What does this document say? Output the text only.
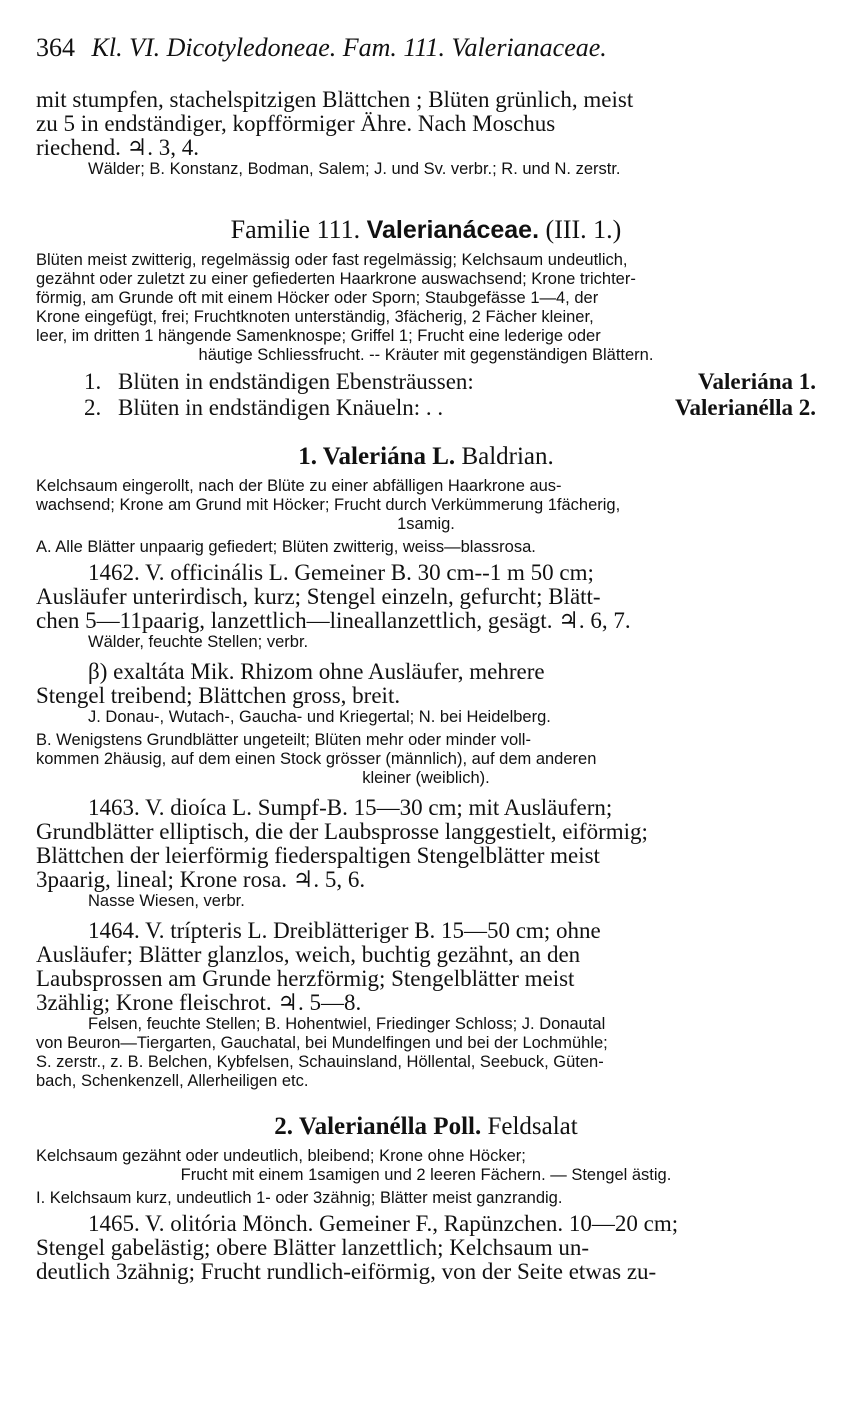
364 Kl. VI. Dicotyledoneae. Fam. 111. Valerianaceae.

mit stumpfen, stachelspitzigen Blättchen ; Blüten grünlich, meist

zu 5 in endständiger, kopfförmiger Ähre. Nach Moschus

riechend. ♃. 3, 4.

Wälder; B. Konstanz, Bodman, Salem; J. und Sv. verbr.; R. und N. zerstr.

Familie 111. Valerianáceae. (III. 1.)

Blüten meist zwitterig, regelmässig oder fast regelmässig; Kelchsaum undeutlich,

gezähnt oder zuletzt zu einer gefiederten Haarkrone auswachsend; Krone trichter-

förmig, am Grunde oft mit einem Höcker oder Sporn; Staubgefässe 1—4, der

Krone eingefügt, frei; Fruchtknoten unterständig, 3fächerig, 2 Fächer kleiner,

leer, im dritten 1 hängende Samenknospe; Griffel 1; Frucht eine lederige oder

häutige Schliessfrucht. -- Kräuter mit gegenständigen Blättern.

1. Blüten in endständigen Ebensträussen:	Valeriána 1.
2. Blüten in endständigen Knäueln: . .	Valerianélla 2.
1. Valeriána L. Baldrian.

Kelchsaum eingerollt, nach der Blüte zu einer abfälligen Haarkrone aus-

wachsend; Krone am Grund mit Höcker; Frucht durch Verkümmerung 1fächerig,

1samig.

A. Alle Blätter unpaarig gefiedert; Blüten zwitterig, weiss—blassrosa.

1462. V. officinális L. Gemeiner B. 30 cm--1 m 50 cm;

Ausläufer unterirdisch, kurz; Stengel einzeln, gefurcht; Blätt-

chen 5—11paarig, lanzettlich—lineallanzettlich, gesägt. ♃. 6, 7.

Wälder, feuchte Stellen; verbr.

β) exaltáta Mik. Rhizom ohne Ausläufer, mehrere

Stengel treibend; Blättchen gross, breit.

J. Donau-, Wutach-, Gaucha- und Kriegertal; N. bei Heidelberg.

B. Wenigstens Grundblätter ungeteilt; Blüten mehr oder minder voll-

kommen 2häusig, auf dem einen Stock grösser (männlich), auf dem anderen

kleiner (weiblich).

1463. V. dioíca L. Sumpf-B. 15—30 cm; mit Ausläufern;

Grundblätter elliptisch, die der Laubsprosse langgestielt, eiförmig;

Blättchen der leierförmig fiederspaltigen Stengelblätter meist

3paarig, lineal; Krone rosa. ♃. 5, 6.

Nasse Wiesen, verbr.

1464. V. trípteris L. Dreiblätteriger B. 15—50 cm; ohne

Ausläufer; Blätter glanzlos, weich, buchtig gezähnt, an den

Laubsprossen am Grunde herzförmig; Stengelblätter meist

3zählig; Krone fleischrot. ♃. 5—8.

Felsen, feuchte Stellen; B. Hohentwiel, Friedinger Schloss; J. Donautal

von Beuron—Tiergarten, Gauchatal, bei Mundelfingen und bei der Lochmühle;

S. zerstr., z. B. Belchen, Kybfelsen, Schauinsland, Höllental, Seebuck, Güten-

bach, Schenkenzell, Allerheiligen etc.

2. Valerianélla Poll. Feldsalat

Kelchsaum gezähnt oder undeutlich, bleibend; Krone ohne Höcker;

Frucht mit einem 1samigen und 2 leeren Fächern. — Stengel ästig.

I. Kelchsaum kurz, undeutlich 1- oder 3zähnig; Blätter meist ganzrandig.

1465. V. olitória Mönch. Gemeiner F., Rapünzchen. 10—20 cm;

Stengel gabelästig; obere Blätter lanzettlich; Kelchsaum un-

deutlich 3zähnig; Frucht rundlich-eiförmig, von der Seite etwas zu-
